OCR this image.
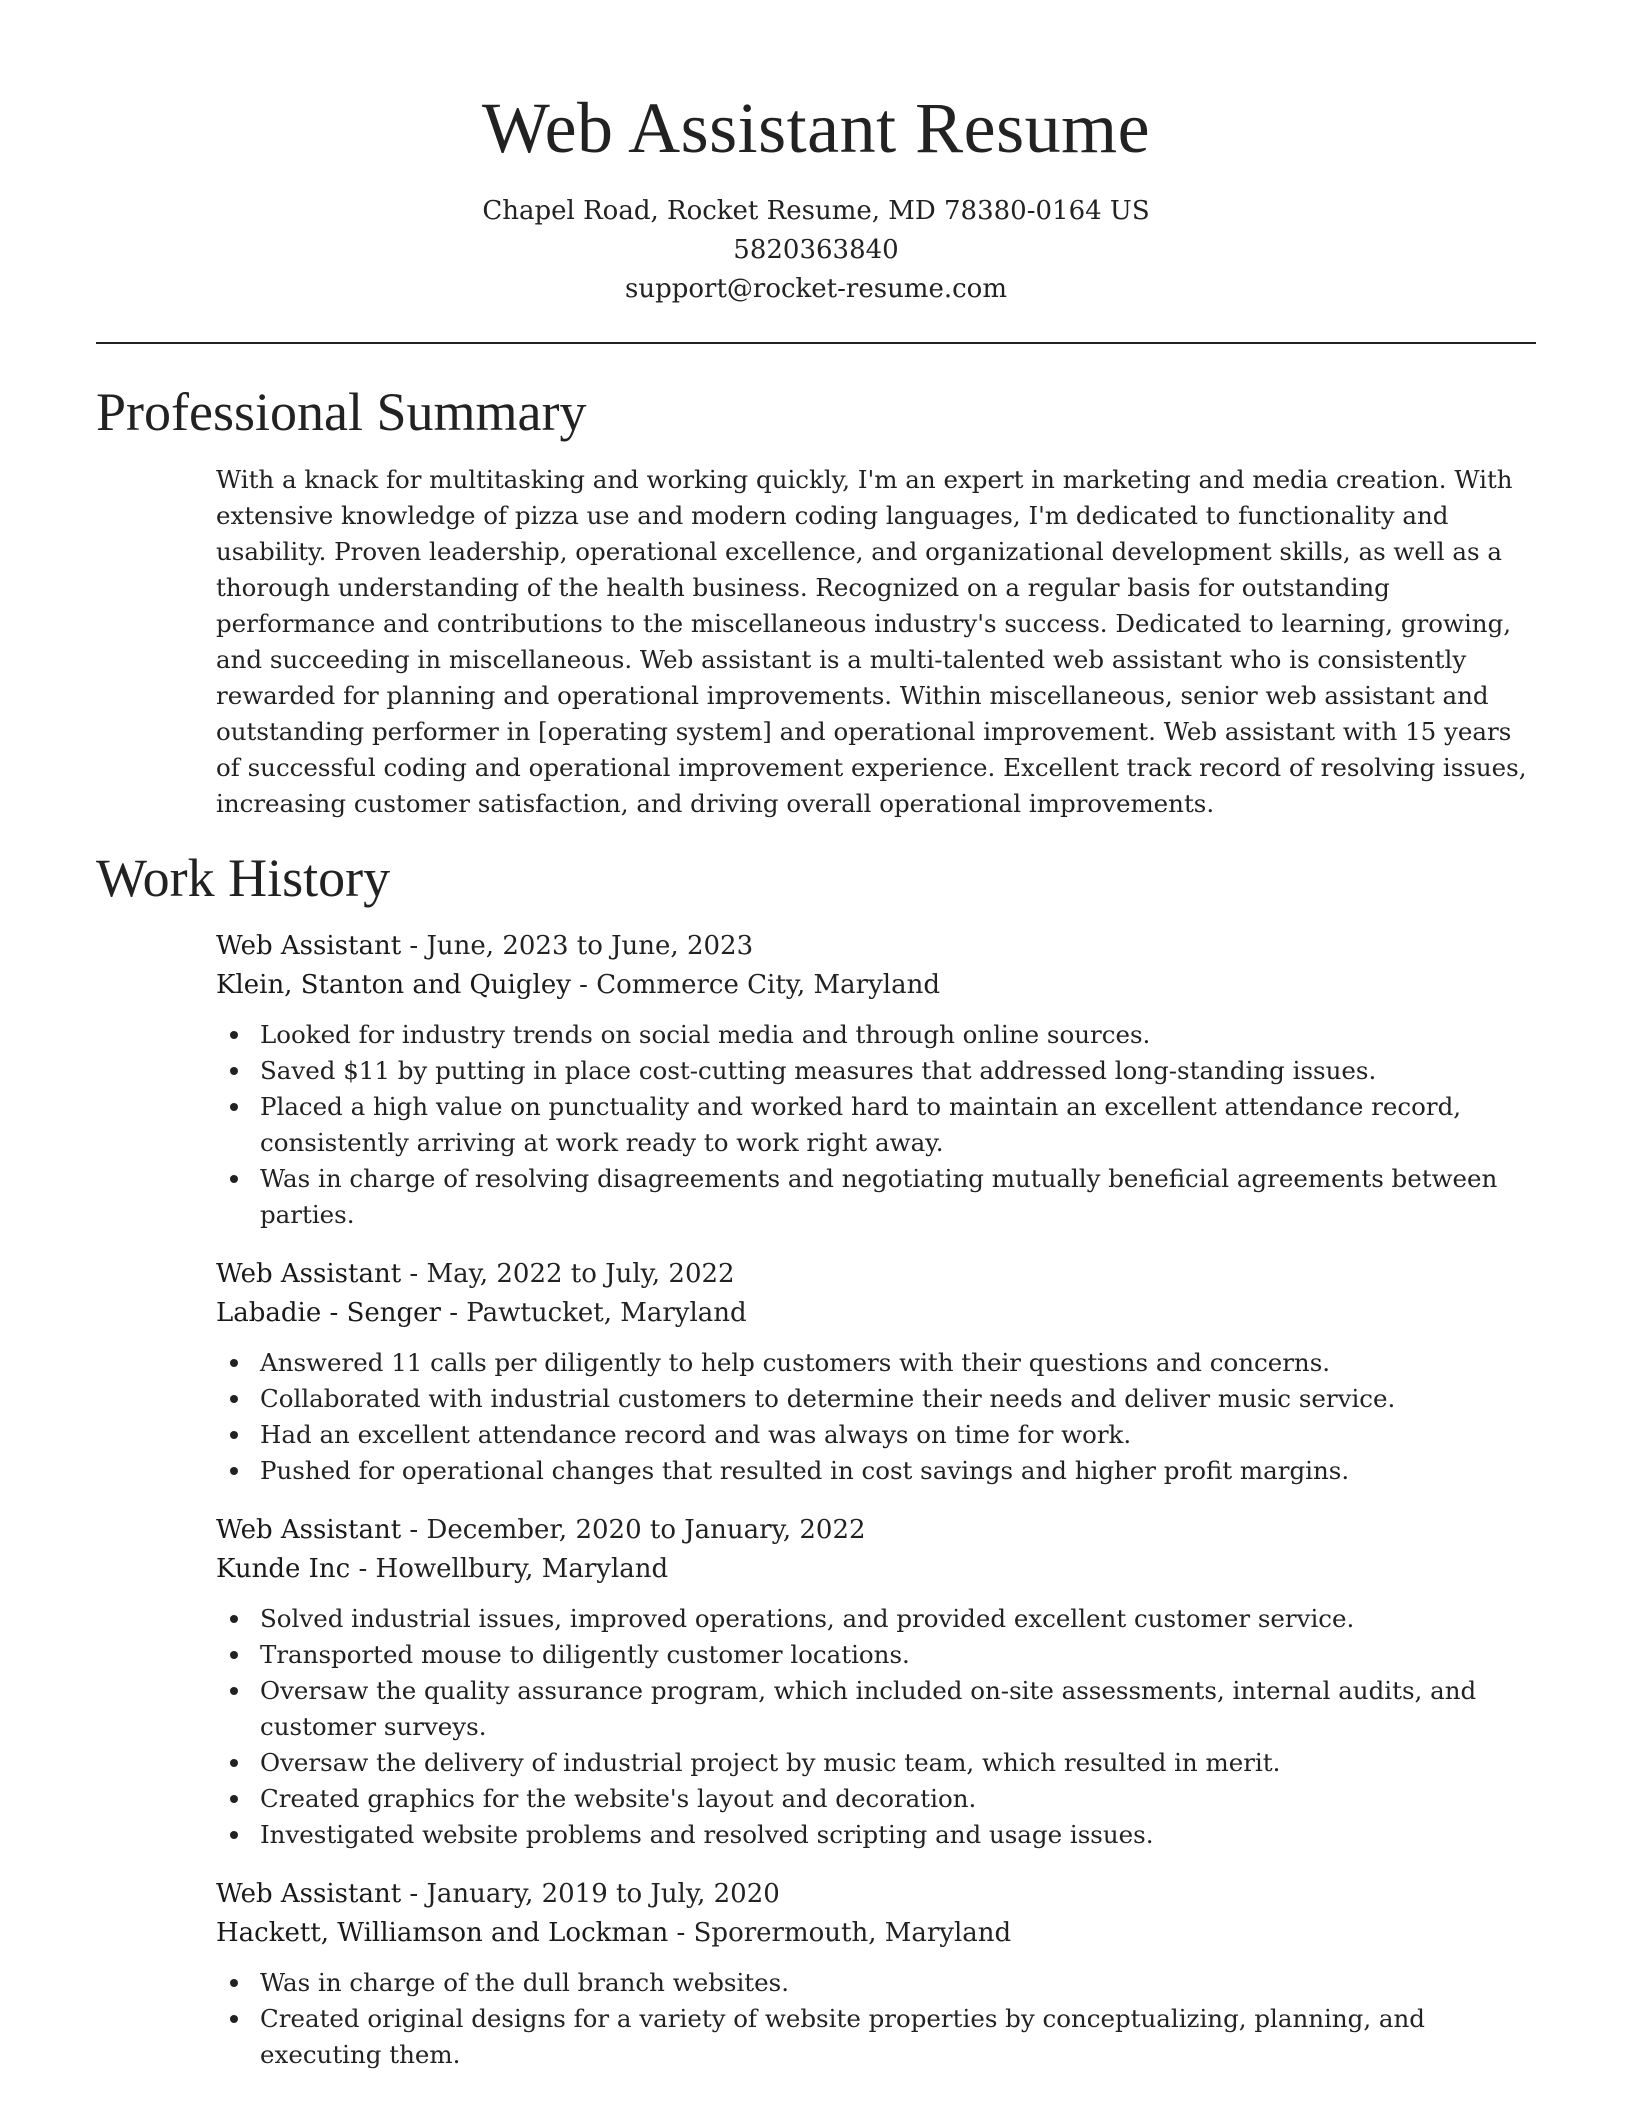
Web Assistant Resume

Chapel Road, Rocket Resume, MD 78380-0164 US

5820363840

support@rocket-resume.com

Professional Summary

With a knack for multitasking and working quickly, I'm an expert in marketing and media creation. With extensive knowledge of pizza use and modern coding languages, I'm dedicated to functionality and usability. Proven leadership, operational excellence, and organizational development skills, as well as a thorough understanding of the health business. Recognized on a regular basis for outstanding performance and contributions to the miscellaneous industry's success. Dedicated to learning, growing, and succeeding in miscellaneous. Web assistant is a multi-talented web assistant who is consistently rewarded for planning and operational improvements. Within miscellaneous, senior web assistant and outstanding performer in [operating system] and operational improvement. Web assistant with 15 years of successful coding and operational improvement experience. Excellent track record of resolving issues, increasing customer satisfaction, and driving overall operational improvements.

Work History

Web Assistant - June, 2023 to June, 2023

Klein, Stanton and Quigley - Commerce City, Maryland

Looked for industry trends on social media and through online sources.
Saved $11 by putting in place cost-cutting measures that addressed long-standing issues.
Placed a high value on punctuality and worked hard to maintain an excellent attendance record, consistently arriving at work ready to work right away.
Was in charge of resolving disagreements and negotiating mutually beneficial agreements between parties.

Web Assistant - May, 2022 to July, 2022

Labadie - Senger - Pawtucket, Maryland

Answered 11 calls per diligently to help customers with their questions and concerns.
Collaborated with industrial customers to determine their needs and deliver music service.
Had an excellent attendance record and was always on time for work.
Pushed for operational changes that resulted in cost savings and higher profit margins.

Web Assistant - December, 2020 to January, 2022

Kunde Inc - Howellbury, Maryland

Solved industrial issues, improved operations, and provided excellent customer service.
Transported mouse to diligently customer locations.
Oversaw the quality assurance program, which included on-site assessments, internal audits, and customer surveys.
Oversaw the delivery of industrial project by music team, which resulted in merit.
Created graphics for the website's layout and decoration.
Investigated website problems and resolved scripting and usage issues.

Web Assistant - January, 2019 to July, 2020

Hackett, Williamson and Lockman - Sporermouth, Maryland

Was in charge of the dull branch websites.
Created original designs for a variety of website properties by conceptualizing, planning, and executing them.
